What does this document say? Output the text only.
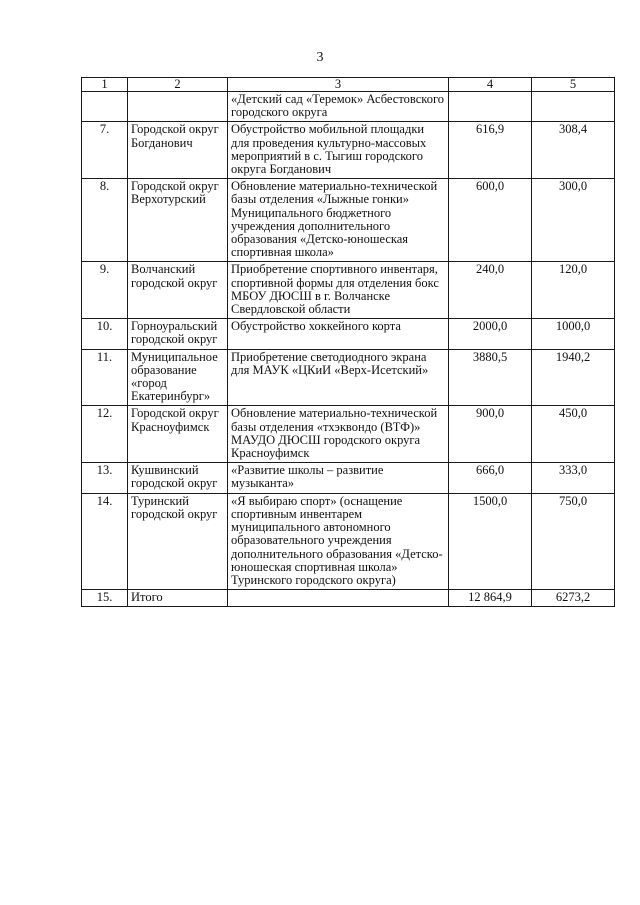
3
1	2	3	4	5
		«Детский сад «Теремок» Асбестовского городского округа		
7.	Городской округ Богданович	Обустройство мобильной площадки для проведения культурно-массовых мероприятий в с. Тыгиш городского округа Богданович	616,9	308,4
8.	Городской округ Верхотурский	Обновление материально-технической базы отделения «Лыжные гонки» Муниципального бюджетного учреждения дополнительного образования «Детско-юношеская спортивная школа»	600,0	300,0
9.	Волчанский городской округ	Приобретение спортивного инвентаря, спортивной формы для отделения бокс МБОУ ДЮСШ в г. Волчанске Свердловской области	240,0	120,0
10.	Горноуральский городской округ	Обустройство хоккейного корта	2000,0	1000,0
11.	Муниципальное образование «город Екатеринбург»	Приобретение светодиодного экрана для МАУК «ЦКиИ «Верх-Исетский»	3880,5	1940,2
12.	Городской округ Красноуфимск	Обновление материально-технической базы отделения «тхэквондо (ВТФ)» МАУДО ДЮСШ городского округа Красноуфимск	900,0	450,0
13.	Кушвинский городской округ	«Развитие школы – развитие музыканта»	666,0	333,0
14.	Туринский городской округ	«Я выбираю спорт» (оснащение спортивным инвентарем муниципального автономного образовательного учреждения дополнительного образования «Детско-юношеская спортивная школа» Туринского городского округа)	1500,0	750,0
15.	Итого		12 864,9	6273,2
